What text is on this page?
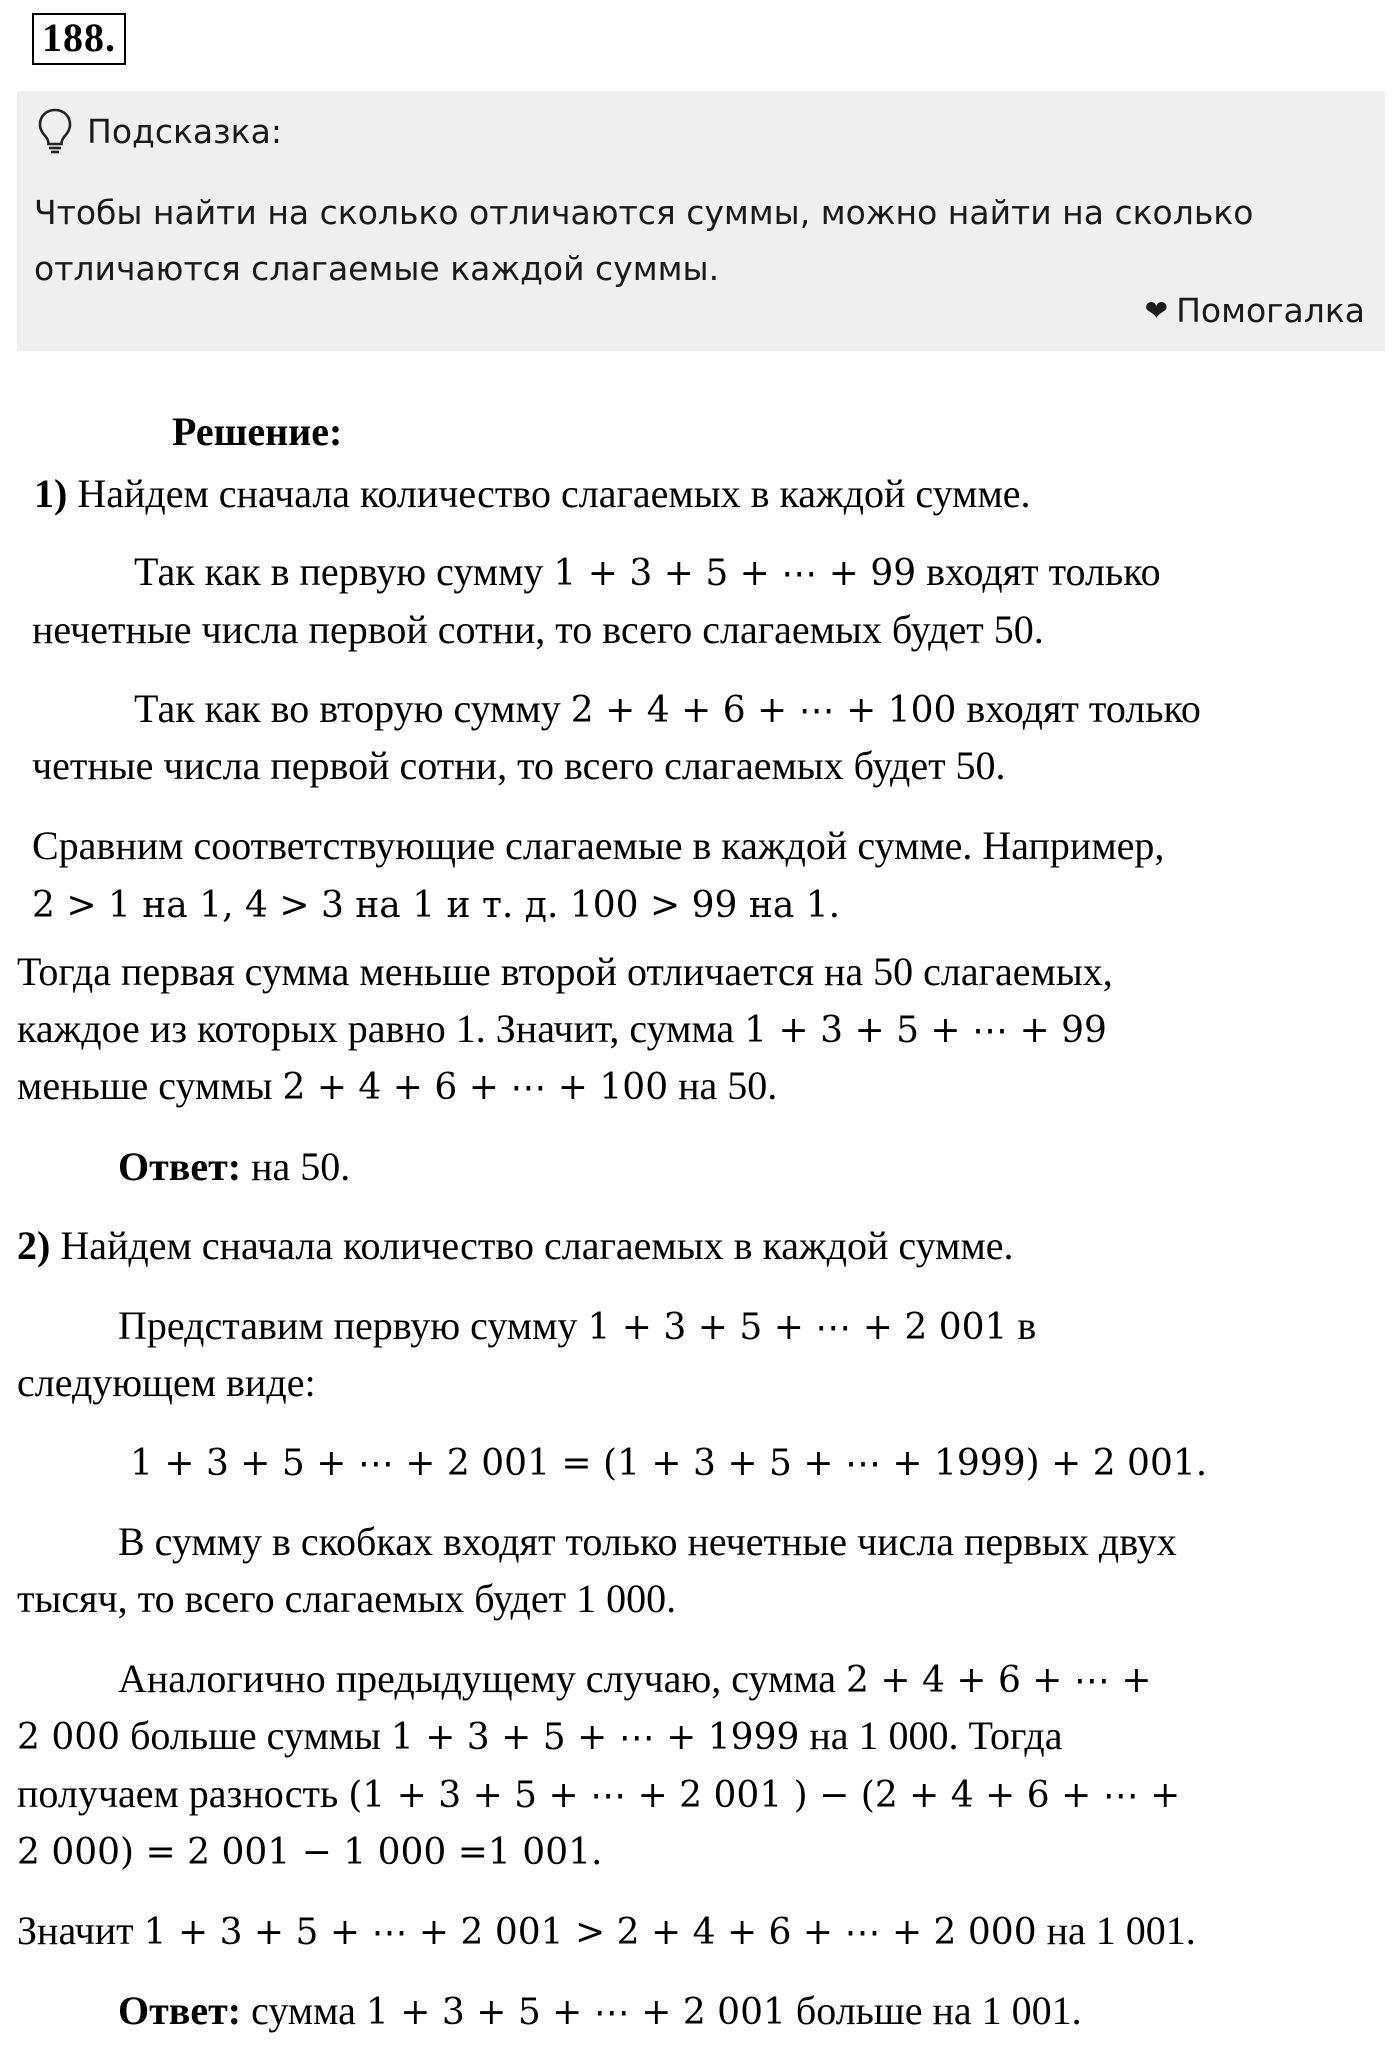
188.
Подсказка:
Чтобы найти на сколько отличаются суммы, можно найти на сколько
отличаются слагаемые каждой суммы.
❤ Помогалка
Решение:
1) Найдем сначала количество слагаемых в каждой сумме.
Так как в первую сумму 1 + 3 + 5 + ⋯ + 99 входят только
нечетные числа первой сотни, то всего слагаемых будет 50.
Так как во вторую сумму 2 + 4 + 6 + ⋯ + 100 входят только
четные числа первой сотни, то всего слагаемых будет 50.
Сравним соответствующие слагаемые в каждой сумме. Например,
2 > 1 на 1, 4 > 3 на 1 и т. д. 100 > 99 на 1.
Тогда первая сумма меньше второй отличается на 50 слагаемых,
каждое из которых равно 1. Значит, сумма 1 + 3 + 5 + ⋯ + 99
меньше суммы 2 + 4 + 6 + ⋯ + 100 на 50.
Ответ: на 50.
2) Найдем сначала количество слагаемых в каждой сумме.
Представим первую сумму 1 + 3 + 5 + ⋯ + 2 001 в
следующем виде:
1 + 3 + 5 + ⋯ + 2 001 = (1 + 3 + 5 + ⋯ + 1999) + 2 001.
В сумму в скобках входят только нечетные числа первых двух
тысяч, то всего слагаемых будет 1 000.
Аналогично предыдущему случаю, сумма 2 + 4 + 6 + ⋯ +
2 000 больше суммы 1 + 3 + 5 + ⋯ + 1999 на 1 000. Тогда
получаем разность (1 + 3 + 5 + ⋯ + 2 001 ) − (2 + 4 + 6 + ⋯ +
2 000) = 2 001 − 1 000 =1 001.
Значит 1 + 3 + 5 + ⋯ + 2 001 > 2 + 4 + 6 + ⋯ + 2 000 на 1 001.
Ответ: сумма 1 + 3 + 5 + ⋯ + 2 001 больше на 1 001.
